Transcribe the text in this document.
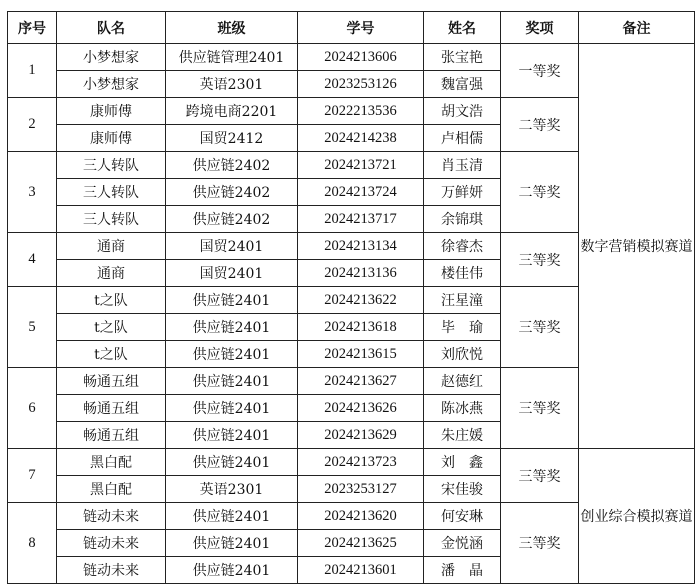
序号	队名	班级	学号	姓名	奖项	备注
1	小梦想家	供应链管理2401	2024213606	张宝艳	一等奖	数字营销模拟赛道
	小梦想家	英语2301	2023253126	魏富强		
2	康师傅	跨境电商2201	2022213536	胡文浩	二等奖	
	康师傅	国贸2412	2024214238	卢相儒		
3	三人转队	供应链2402	2024213721	肖玉清	二等奖	
	三人转队	供应链2402	2024213724	万鲜妍		
	三人转队	供应链2402	2024213717	余锦琪		
4	通商	国贸2401	2024213134	徐睿杰	三等奖	
	通商	国贸2401	2024213136	楼佳伟		
5	t之队	供应链2401	2024213622	汪星潼	三等奖	
	t之队	供应链2401	2024213618	毕　瑜		
	t之队	供应链2401	2024213615	刘欣悦		
6	畅通五组	供应链2401	2024213627	赵德红	三等奖	
	畅通五组	供应链2401	2024213626	陈冰燕		
	畅通五组	供应链2401	2024213629	朱庄媛		
7	黑白配	供应链2401	2024213723	刘　鑫	三等奖	创业综合模拟赛道
	黑白配	英语2301	2023253127	宋佳骏		
8	链动未来	供应链2401	2024213620	何安琳	三等奖	
	链动未来	供应链2401	2024213625	金悦涵		
	链动未来	供应链2401	2024213601	潘　晶		
